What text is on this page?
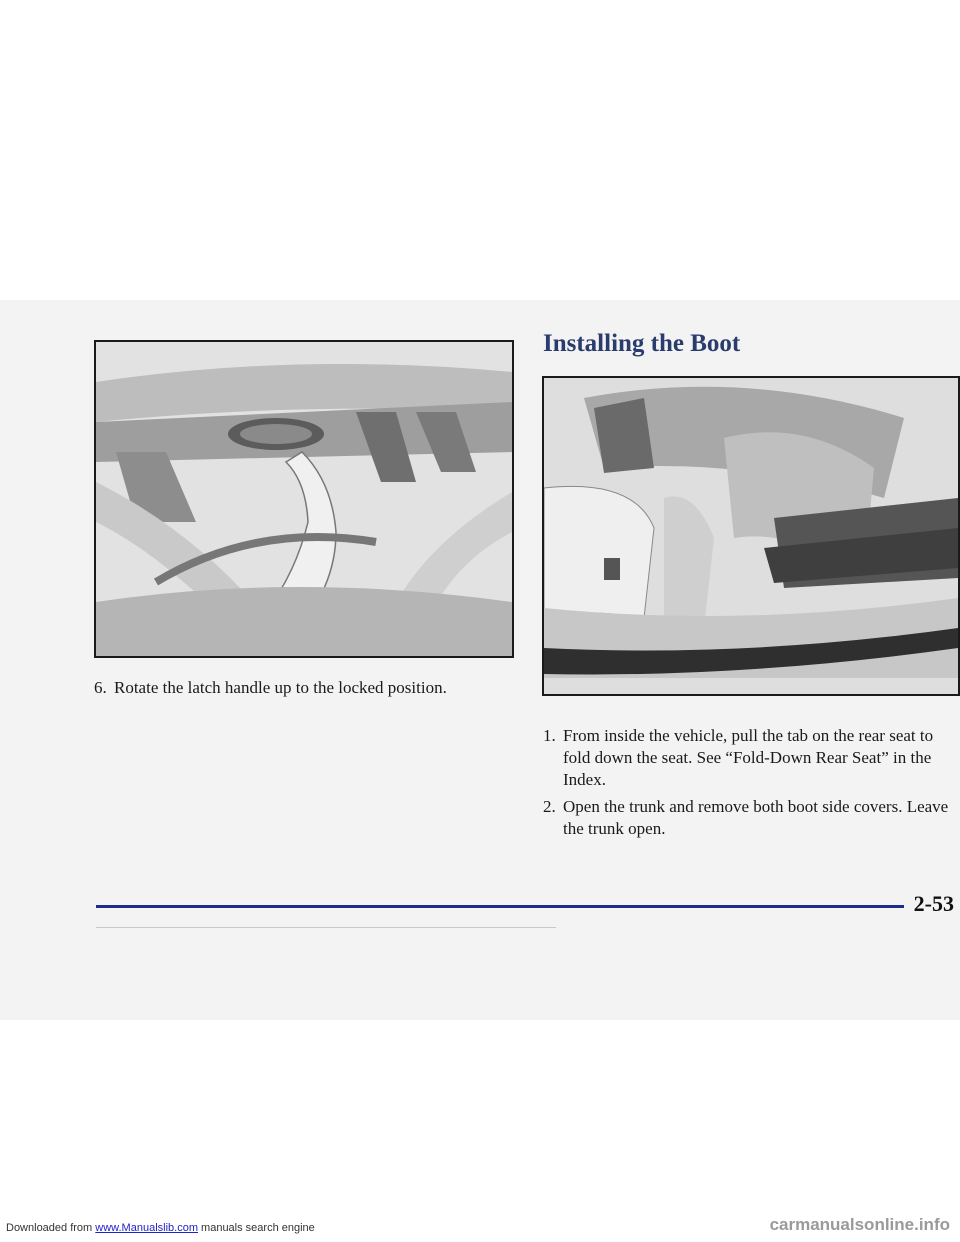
6. Rotate the latch handle up to the locked position.
Installing the Boot
1. From inside the vehicle, pull the tab on the rear seat to fold down the seat. See “Fold-Down Rear Seat” in the Index.
2. Open the trunk and remove both boot side covers. Leave the trunk open.
2-53
Downloaded from www.Manualslib.com manuals search engine	carmanualsonline.info
